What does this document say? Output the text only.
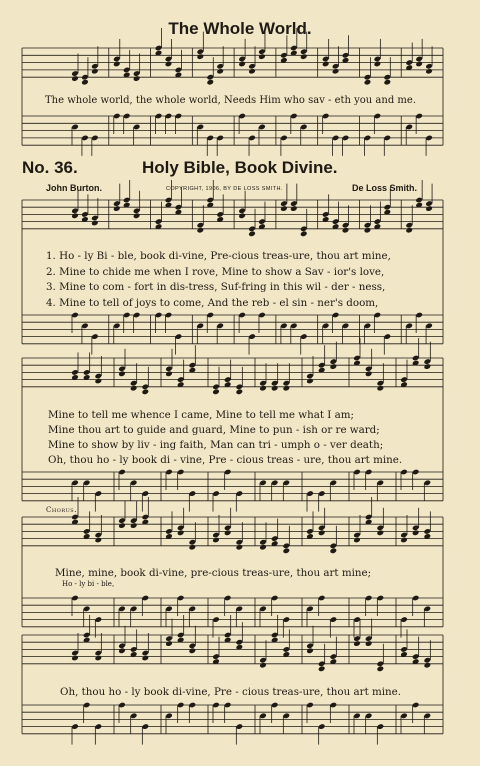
The Whole World.
The whole world, the whole world, Needs Him who sav - eth you and me.
No. 36.	Holy Bible, Book Divine.
John Burton.	COPYRIGHT, 1906, BY DE LOSS SMITH.	De Loss Smith.
1. Ho - ly Bi - ble, book di-vine, Pre-cious treas-ure, thou art mine,
2. Mine to chide me when I rove, Mine to show a Sav - ior's love,
3. Mine to com - fort in dis-tress, Suf-fring in this wil - der - ness,
4. Mine to tell of joys to come, And the reb - el sin - ner's doom,
Mine to tell me whence I came, Mine to tell me what I am;
Mine thou art to guide and guard, Mine to pun - ish or re ward;
Mine to show by liv - ing faith, Man can tri - umph o - ver death;
Oh, thou ho - ly book di - vine, Pre - cious treas - ure, thou art mine.
Chorus.
Mine, mine, book di-vine, pre-cious treas-ure, thou art mine;
Ho - ly bi - ble,
Oh, thou ho - ly book di-vine, Pre - cious treas-ure, thou art mine.
